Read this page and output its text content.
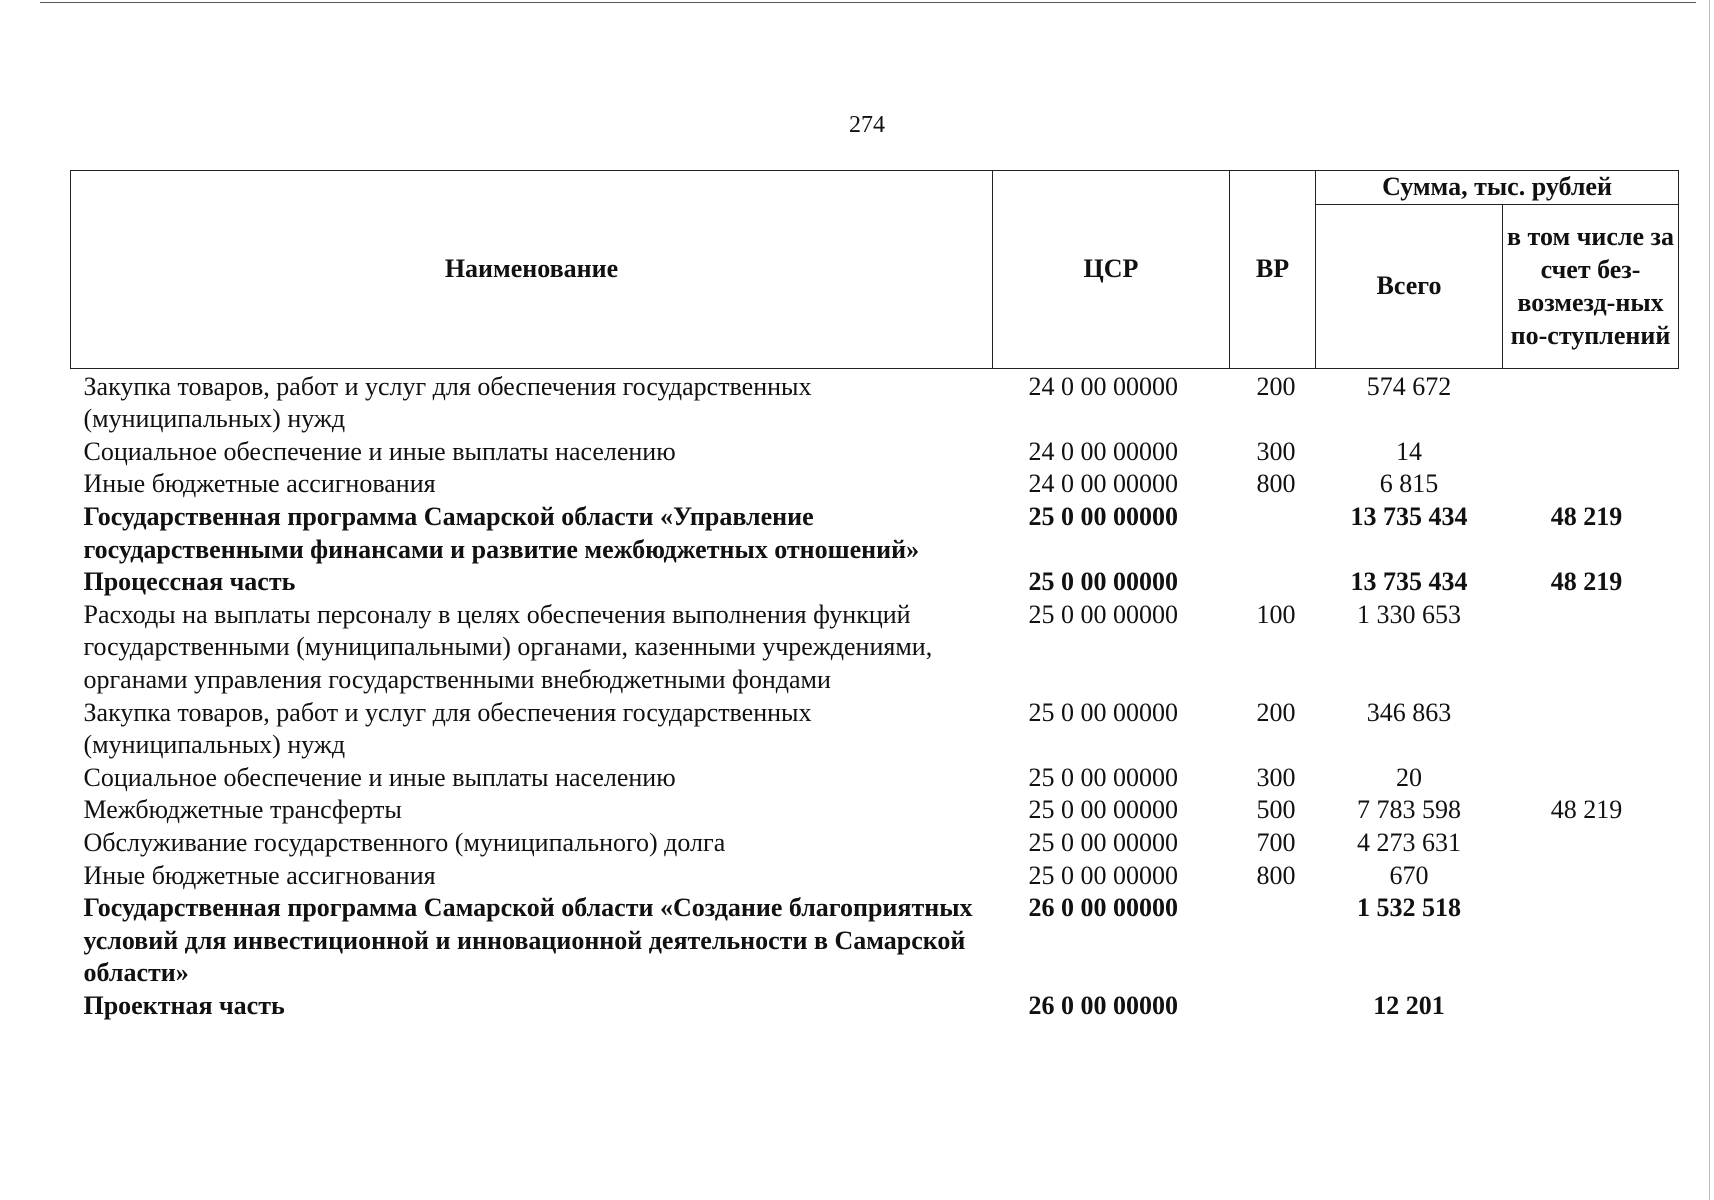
274
Наименование	ЦСР	ВР	Сумма, тыс. рублей	
			Всего	в том числе за счет без-возмезд-ных по-ступлений
Закупка товаров, работ и услуг для обеспечения государственных (муниципальных) нужд	24 0 00 00000	200	574 672	
Социальное обеспечение и иные выплаты населению	24 0 00 00000	300	14	
Иные бюджетные ассигнования	24 0 00 00000	800	6 815	
Государственная программа Самарской области «Управление государственными финансами и развитие межбюджетных отношений»	25 0 00 00000		13 735 434	48 219
Процессная часть	25 0 00 00000		13 735 434	48 219
Расходы на выплаты персоналу в целях обеспечения выполнения функций государственными (муниципальными) органами, казенными учреждениями, органами управления государственными внебюджетными фондами	25 0 00 00000	100	1 330 653	
Закупка товаров, работ и услуг для обеспечения государственных (муниципальных) нужд	25 0 00 00000	200	346 863	
Социальное обеспечение и иные выплаты населению	25 0 00 00000	300	20	
Межбюджетные трансферты	25 0 00 00000	500	7 783 598	48 219
Обслуживание государственного (муниципального) долга	25 0 00 00000	700	4 273 631	
Иные бюджетные ассигнования	25 0 00 00000	800	670	
Государственная программа Самарской области «Создание благоприятных условий для инвестиционной и инновационной деятельности в Самарской области»	26 0 00 00000		1 532 518	
Проектная часть	26 0 00 00000		12 201	
